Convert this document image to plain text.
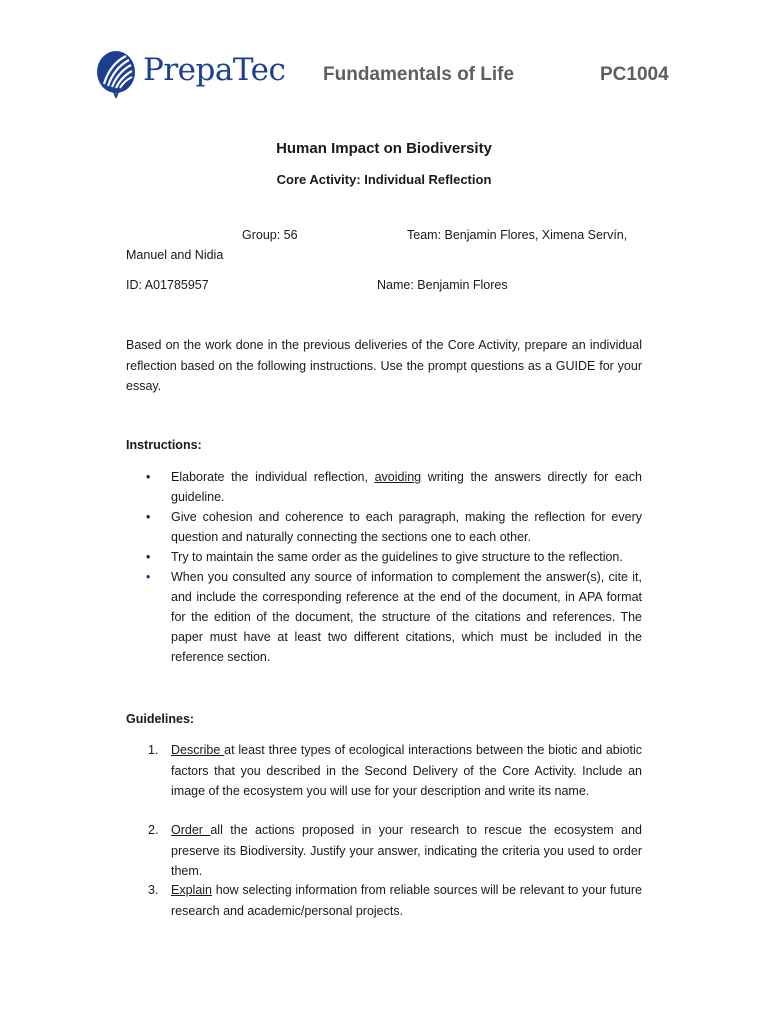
PrepaTec Fundamentals of Life	PC1004
Human Impact on Biodiversity
Core Activity: Individual Reflection
Group: 56	Team: Benjamin Flores, Ximena Servín,
Manuel and Nidia
ID: A01785957	Name: Benjamin Flores
Based on the work done in the previous deliveries of the Core Activity, prepare an individual reflection based on the following instructions. Use the prompt questions as a GUIDE for your essay.
Instructions:
• Elaborate the individual reflection, avoiding writing the answers directly for each guideline.
• Give cohesion and coherence to each paragraph, making the reflection for every question and naturally connecting the sections one to each other.
• Try to maintain the same order as the guidelines to give structure to the reflection.
• When you consulted any source of information to complement the answer(s), cite it, and include the corresponding reference at the end of the document, in APA format for the edition of the document, the structure of the citations and references. The paper must have at least two different citations, which must be included in the reference section.
Guidelines:
1. Describe at least three types of ecological interactions between the biotic and abiotic factors that you described in the Second Delivery of the Core Activity. Include an image of the ecosystem you will use for your description and write its name.
2. Order all the actions proposed in your research to rescue the ecosystem and preserve its Biodiversity. Justify your answer, indicating the criteria you used to order them.
3. Explain how selecting information from reliable sources will be relevant to your future research and academic/personal projects.
